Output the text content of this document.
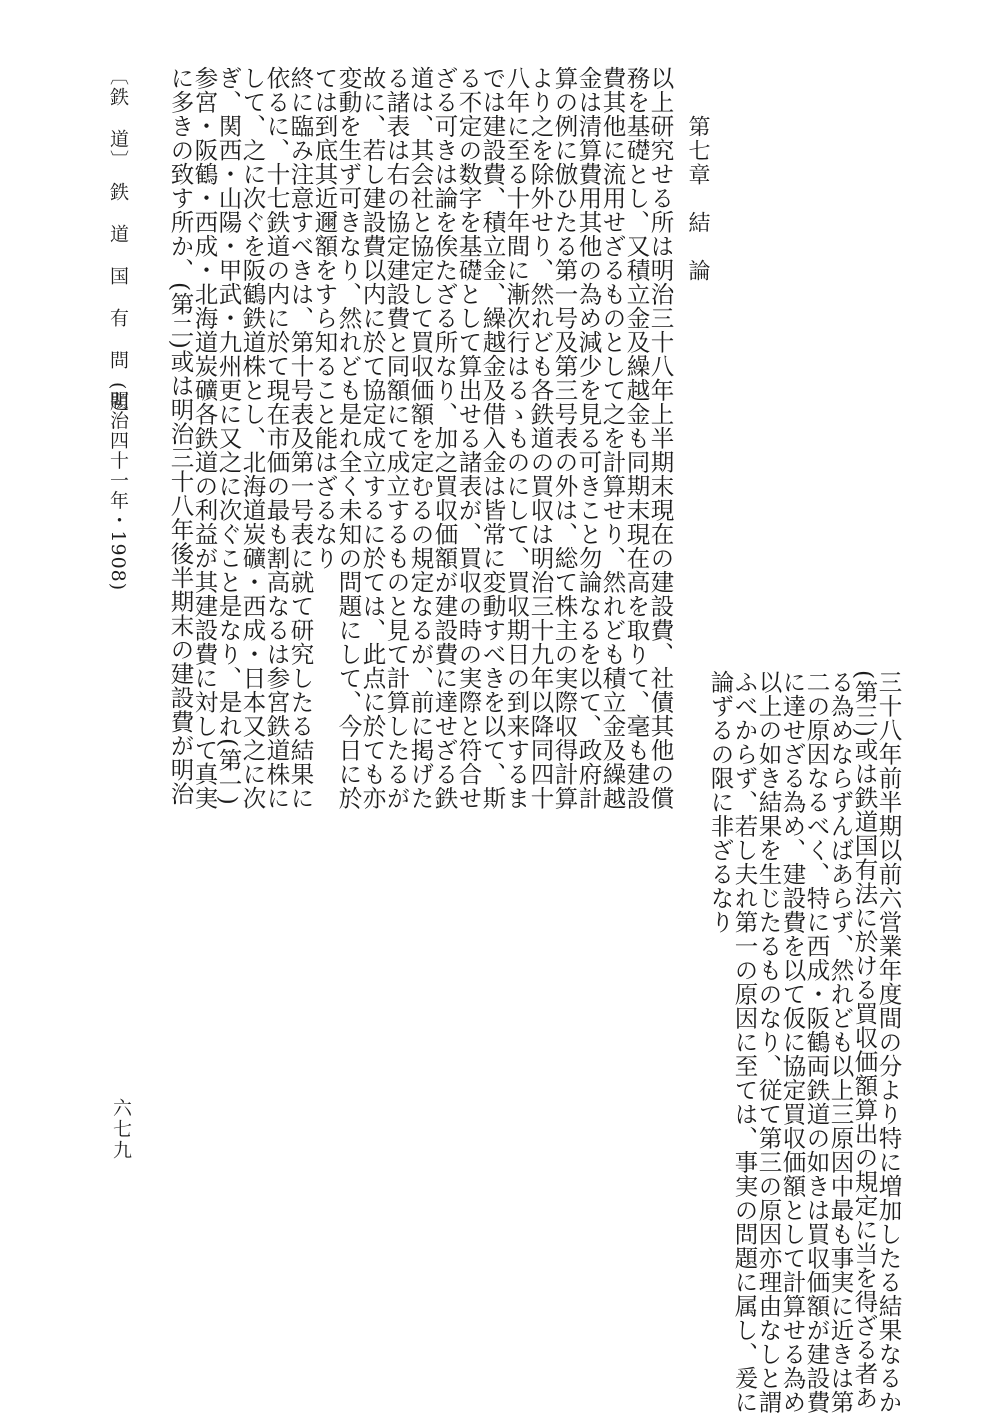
第七章　結　論
以上研究せる所は明治三十八年上半期末現在の建設費、社債其他の償
務を基礎とし、又積立金及繰越金も同期末現在高を取りて、毫も建設
費其他に流用せざるものとして之を計算せり、然れども積立金及繰越
金は清算費用其他の為め減少を見る可きこと勿論なるを以て、政府計
算の例に倣ひたる第一号及第三号表の外は、総て株主の実際収得計算
より之を除外せり、然れども各鉄道の買収は明治三十九年以降同四十
八年に至る十年間に漸次行はるゝものにして、買収期日の到来するま
では建設費、積立金、繰越金及借入金は皆常に変動すべきを以て、斯
る不定の数字を基礎として算出せる諸表が、買収の時の実際と符合せ
ざる可きは論を俟たざる所なり、加之買収価額が建設費に達せざる鉄
道は、其会社と協定して買収価額を定むるの規定なるが、前に掲げた
る諸表は右の協定建設費と同額にて成立するものと見て計算したるが
故に、若し建設費以内に於て協定成立するに於ては、此点に於ても亦
変動を生ず可きなり、然れども是れ全く未知の問題にして、今日に於
ては到底其近邇額をすら知ること能はざるなり
終に臨み注意すべきは、第十号表及第一号表に就て研究したる結果に
依るに、十七鉄道の内に於て現在市価の最も割高なるは参宮鉄道株に
して、之に次ぐを阪鶴鉄道株とし、北海道炭礦・西成・日本又之に次
ぎ、関西・山陽・甲武・九州更に又之に次ぐこと是なり、是れ(第一)
参宮・阪鶴・西成・北海道炭礦各鉄道の利益が其建設費に対して真実
に多きの致す所か、(第二)或は明治三十八年後半期末の建設費が明治
三十八年前半期以前六営業年度間の分より特に増加したる結果なるか
(第三)或は鉄道国有法に於ける買収価額算出の規定に当を得ざる者あ
る為めならずんばあらず、然れども以上三原因中最も事実に近きは第
二の原因なるべく、特に西成・阪鶴両鉄道の如きは買収価額が建設費
に達せざる為め、建設費を以て仮に協定買収価額として計算せる為め
以上の如き結果を生じたるものなり、従て第三の原因亦理由なしと謂
ふべからず、若し夫れ第一の原因に至ては、事実の問題に属し、爰に
論ずるの限に非ざるなり
〔鉄　道〕
鉄　道　国　有　問　題
(明治四十一年・1908)
六七九
